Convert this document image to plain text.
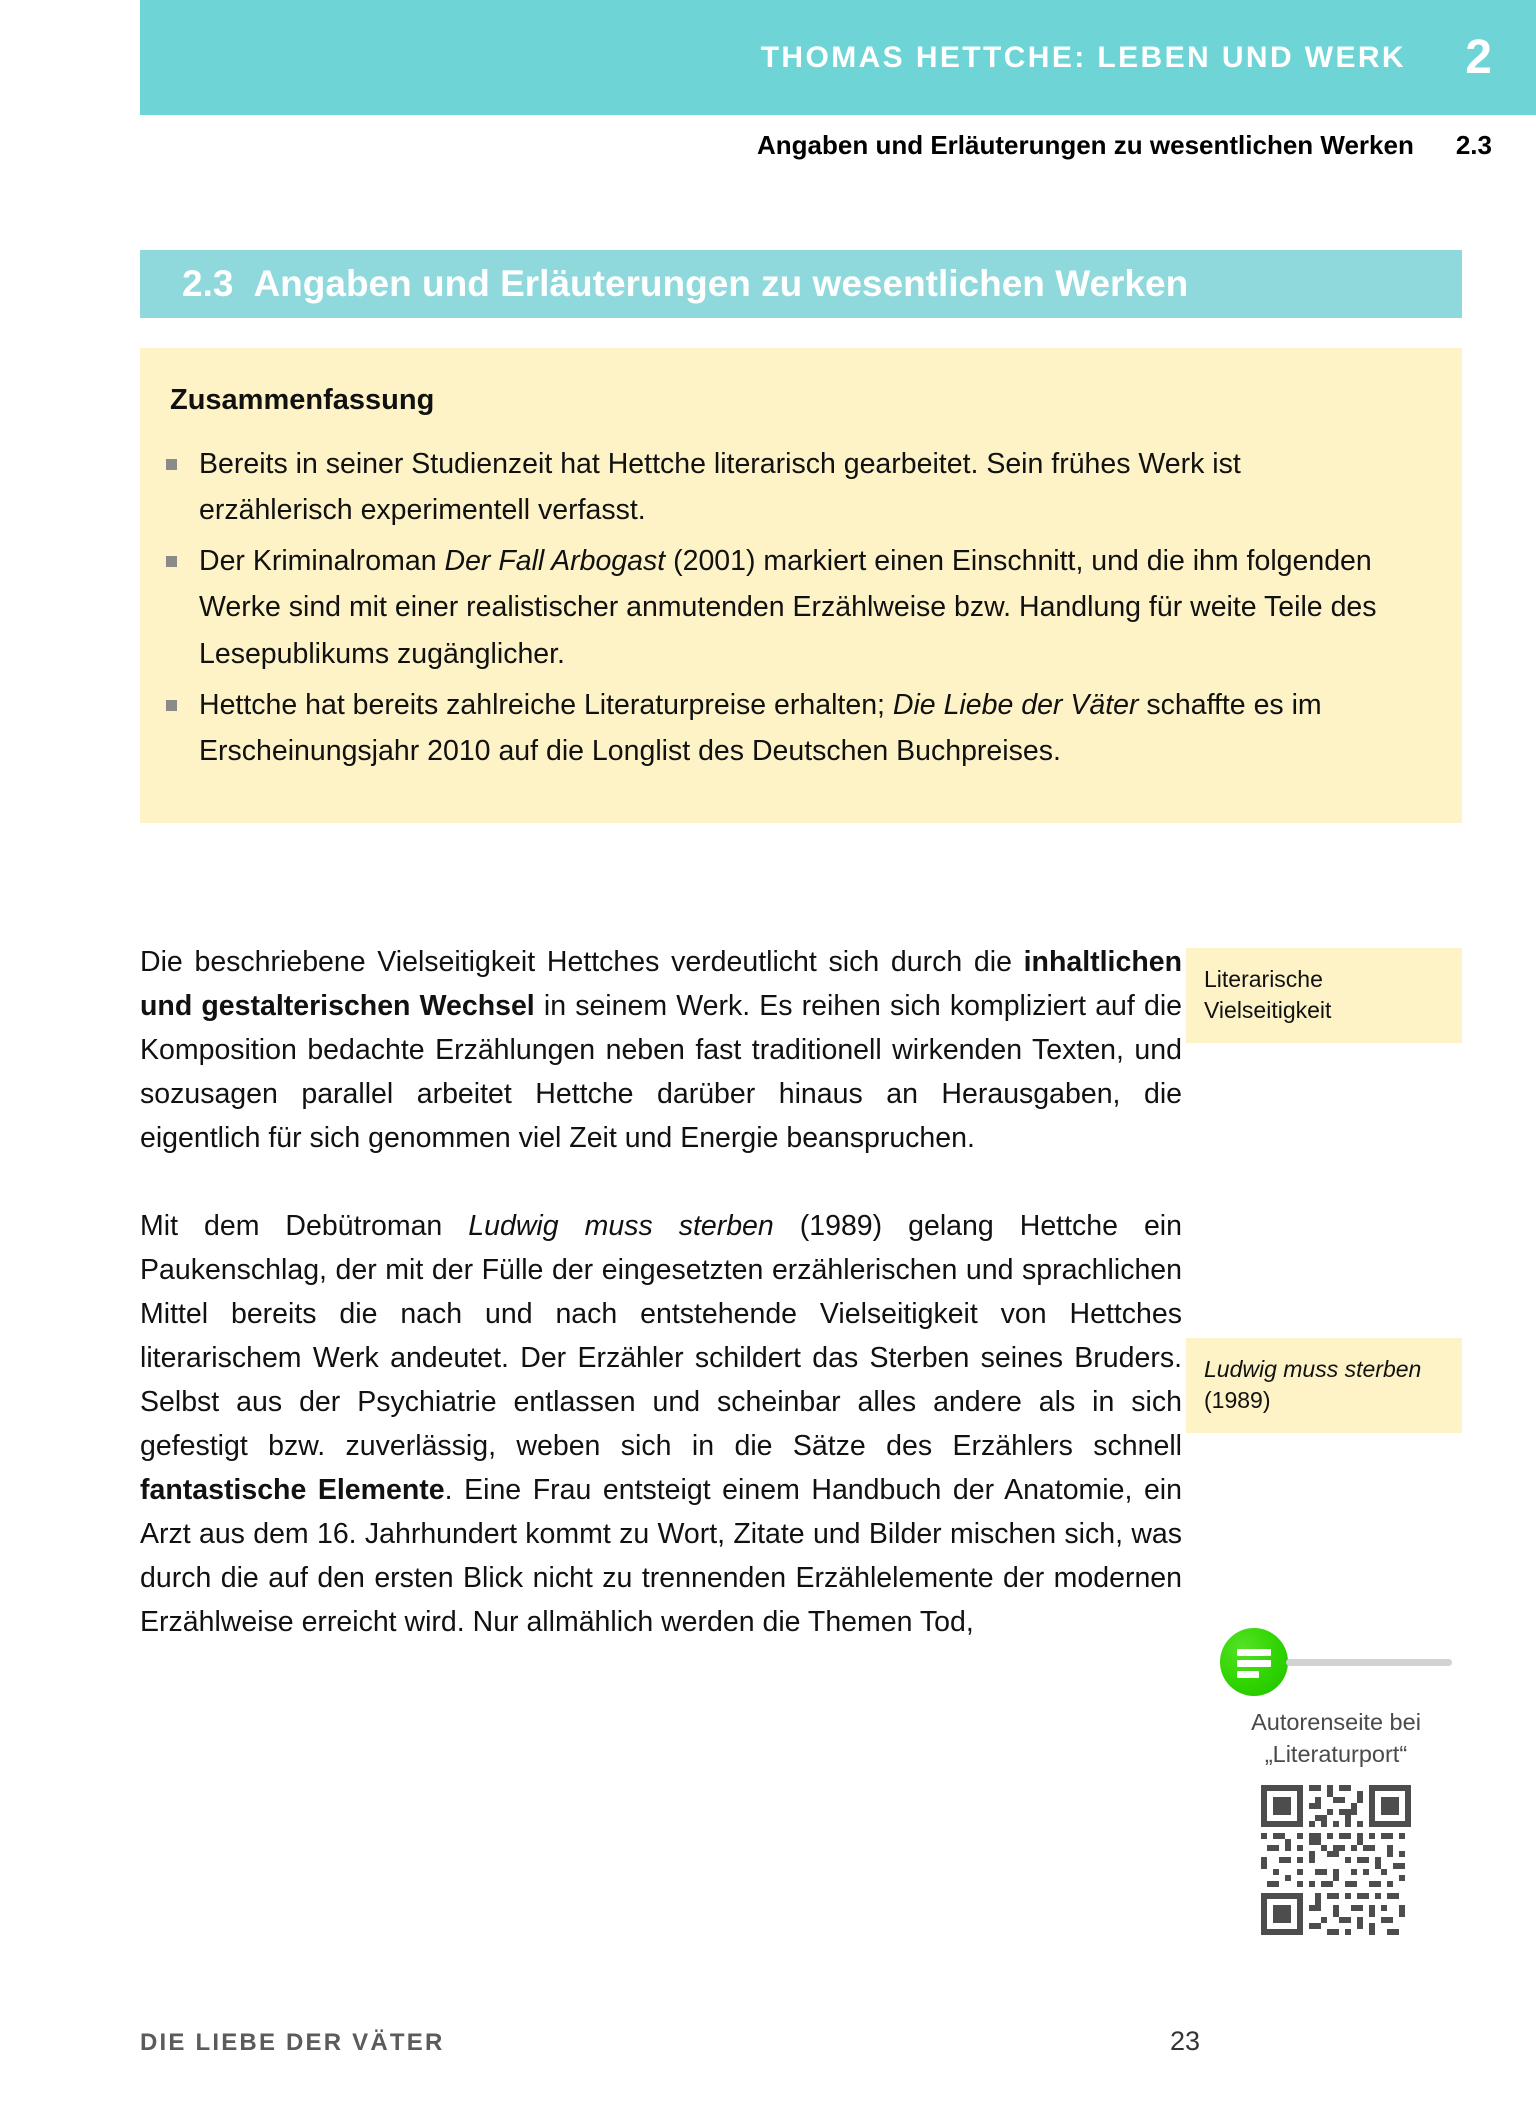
THOMAS HETTCHE: LEBEN UND WERK 2
Angaben und Erläuterungen zu wesentlichen Werken 2.3
2.3 Angaben und Erläuterungen zu wesentlichen Werken
Zusammenfassung
Bereits in seiner Studienzeit hat Hettche literarisch gearbeitet. Sein frühes Werk ist erzählerisch experimentell verfasst.
Der Kriminalroman Der Fall Arbogast (2001) markiert einen Einschnitt, und die ihm folgenden Werke sind mit einer realistischer anmutenden Erzählweise bzw. Handlung für weite Teile des Lesepublikums zugänglicher.
Hettche hat bereits zahlreiche Literaturpreise erhalten; Die Liebe der Väter schaffte es im Erscheinungsjahr 2010 auf die Longlist des Deutschen Buchpreises.

Die beschriebene Vielseitigkeit Hettches verdeutlicht sich durch die inhaltlichen und gestalterischen Wechsel in seinem Werk. Es reihen sich kompliziert auf die Komposition bedachte Erzählungen neben fast traditionell wirkenden Texten, und sozusagen parallel arbeitet Hettche darüber hinaus an Herausgaben, die eigentlich für sich genommen viel Zeit und Energie beanspruchen.

Mit dem Debütroman Ludwig muss sterben (1989) gelang Hettche ein Paukenschlag, der mit der Fülle der eingesetzten erzählerischen und sprachlichen Mittel bereits die nach und nach entstehende Vielseitigkeit von Hettches literarischem Werk andeutet. Der Erzähler schildert das Sterben seines Bruders. Selbst aus der Psychiatrie entlassen und scheinbar alles andere als in sich gefestigt bzw. zuverlässig, weben sich in die Sätze des Erzählers schnell fantastische Elemente. Eine Frau entsteigt einem Handbuch der Anatomie, ein Arzt aus dem 16. Jahrhundert kommt zu Wort, Zitate und Bilder mischen sich, was durch die auf den ersten Blick nicht zu trennenden Erzählelemente der modernen Erzählweise erreicht wird. Nur allmählich werden die Themen Tod,

Literarische Vielseitigkeit
Ludwig muss sterben (1989)
Autorenseite bei
„Literaturport“
DIE LIEBE DER VÄTER	23
